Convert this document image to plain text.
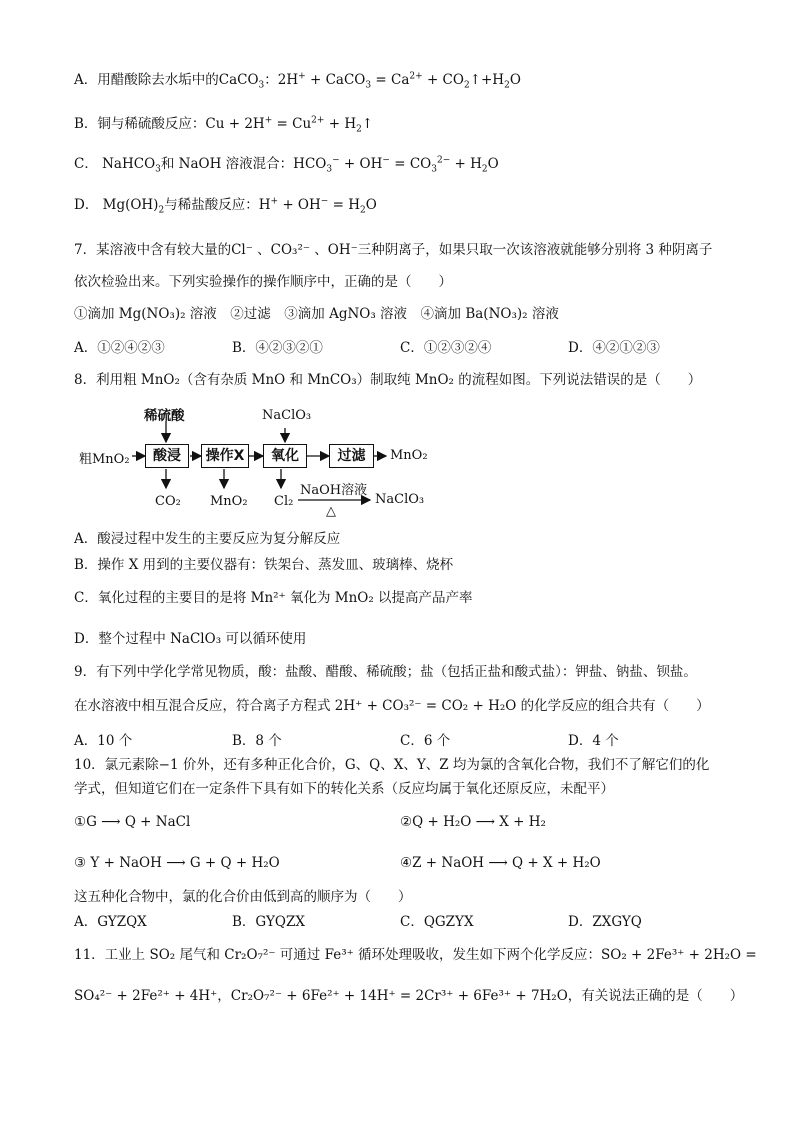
A．用醋酸除去水垢中的CaCO$_3$：2H+ + CaCO$_3$ = $Ca^{2+}$ + $CO_2↑+H_2O$
B．铜与稀硫酸反应：$Cu + 2H^+ = Cu^{2+}$ + $H_2↑$
C． NaHCO$_3$和 NaOH 溶液混合：$HCO_3^- + OH^- = CO_3^{2-} + H_2O$
D． $Mg(OH)_2$与稀盐酸反应：$H^+ + OH^- = H_2O$
7．某溶液中含有较大量的Cl⁻ 、CO₃²⁻ 、OH⁻三种阴离子，如果只取一次该溶液就能够分别将 3 种阴离子
依次检验出来。下列实验操作的操作顺序中，正确的是（　　）
①滴加 Mg(NO₃)₂ 溶液　②过滤　③滴加 AgNO₃ 溶液　④滴加 Ba(NO₃)₂ 溶液
A．①②④②③	B．④②③②①	C．①②③②④	D．④②①②③
8．利用粗 MnO₂（含有杂质 MnO 和 MnCO₃）制取纯 MnO₂ 的流程如图。下列说法错误的是（　　）
稀硫酸	NaClO₃
粗MnO₂	酸浸	操作X	氧化	过滤	MnO₂
CO₂ MnO₂ Cl₂
NaOH溶液
△
NaClO₃
A．酸浸过程中发生的主要反应为复分解反应
B．操作 X 用到的主要仪器有：铁架台、蒸发皿、玻璃棒、烧杯
C．氧化过程的主要目的是将 Mn²⁺ 氧化为 MnO₂ 以提高产品产率
D．整个过程中 NaClO₃ 可以循环使用
9．有下列中学化学常见物质，酸：盐酸、醋酸、稀硫酸；盐（包括正盐和酸式盐）：钾盐、钠盐、钡盐。
在水溶液中相互混合反应，符合离子方程式 2H⁺ + CO₃²⁻ = CO₂ + H₂O 的化学反应的组合共有（　　）
A．10 个	B．8 个	C．6 个	D．4 个
10．氯元素除−1 价外，还有多种正化合价，G、Q、X、Y、Z 均为氯的含氧化合物，我们不了解它们的化
学式，但知道它们在一定条件下具有如下的转化关系（反应均属于氧化还原反应，未配平）
①G ⟶ Q + NaCl	②Q + H₂O ⟶ X + H₂
③ Y + NaOH ⟶ G + Q + H₂O	④Z + NaOH ⟶ Q + X + H₂O
这五种化合物中，氯的化合价由低到高的顺序为（　　）
A．GYZQX	B．GYQZX	C．QGZYX	D．ZXGYQ
11．工业上 SO₂ 尾气和 Cr₂O₇²⁻ 可通过 Fe³⁺ 循环处理吸收，发生如下两个化学反应：SO₂ + 2Fe³⁺ + 2H₂O =
SO₄²⁻ + 2Fe²⁺ + 4H⁺，Cr₂O₇²⁻ + 6Fe²⁺ + 14H⁺ = 2Cr³⁺ + 6Fe³⁺ + 7H₂O，有关说法正确的是（　　）
